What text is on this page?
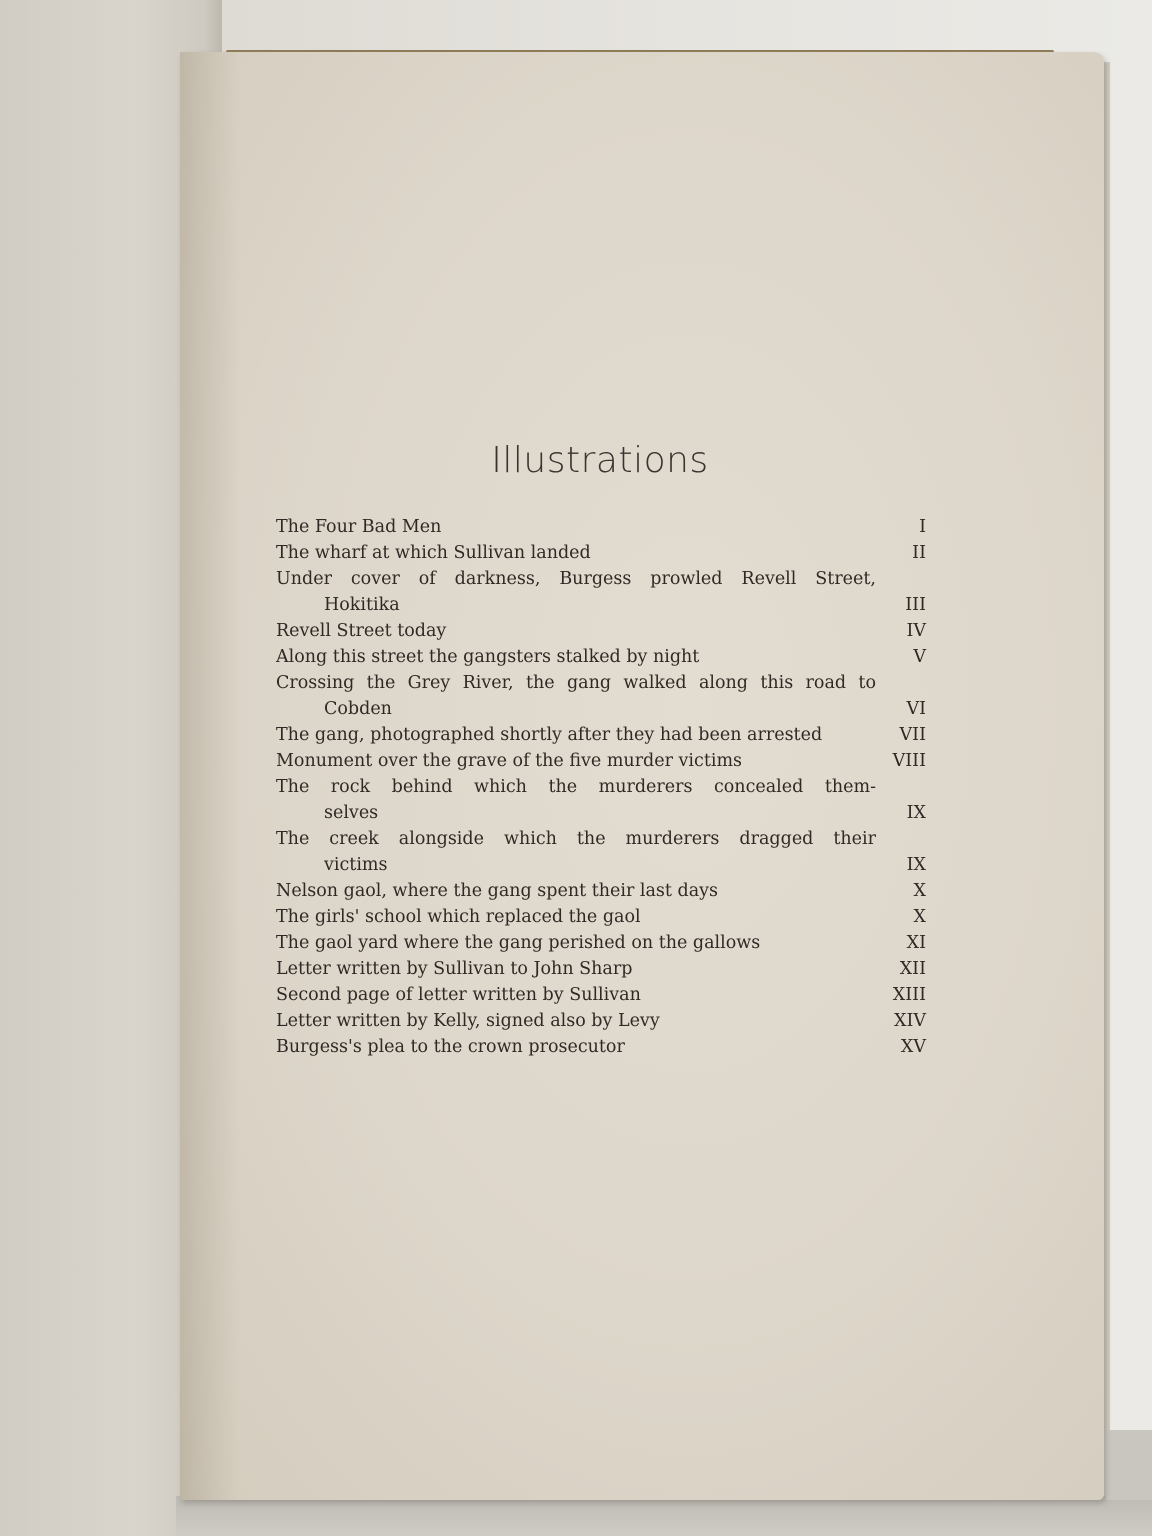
Illustrations
The Four Bad Men	I
The wharf at which Sullivan landed	II
Under cover of darkness, Burgess prowled Revell Street,
Hokitika	III
Revell Street today	IV
Along this street the gangsters stalked by night	V
Crossing the Grey River, the gang walked along this road to
Cobden	VI
The gang, photographed shortly after they had been arrested	VII
Monument over the grave of the five murder victims	VIII
The rock behind which the murderers concealed them-
selves	IX
The creek alongside which the murderers dragged their
victims	IX
Nelson gaol, where the gang spent their last days	X
The girls' school which replaced the gaol	X
The gaol yard where the gang perished on the gallows	XI
Letter written by Sullivan to John Sharp	XII
Second page of letter written by Sullivan	XIII
Letter written by Kelly, signed also by Levy	XIV
Burgess's plea to the crown prosecutor	XV
